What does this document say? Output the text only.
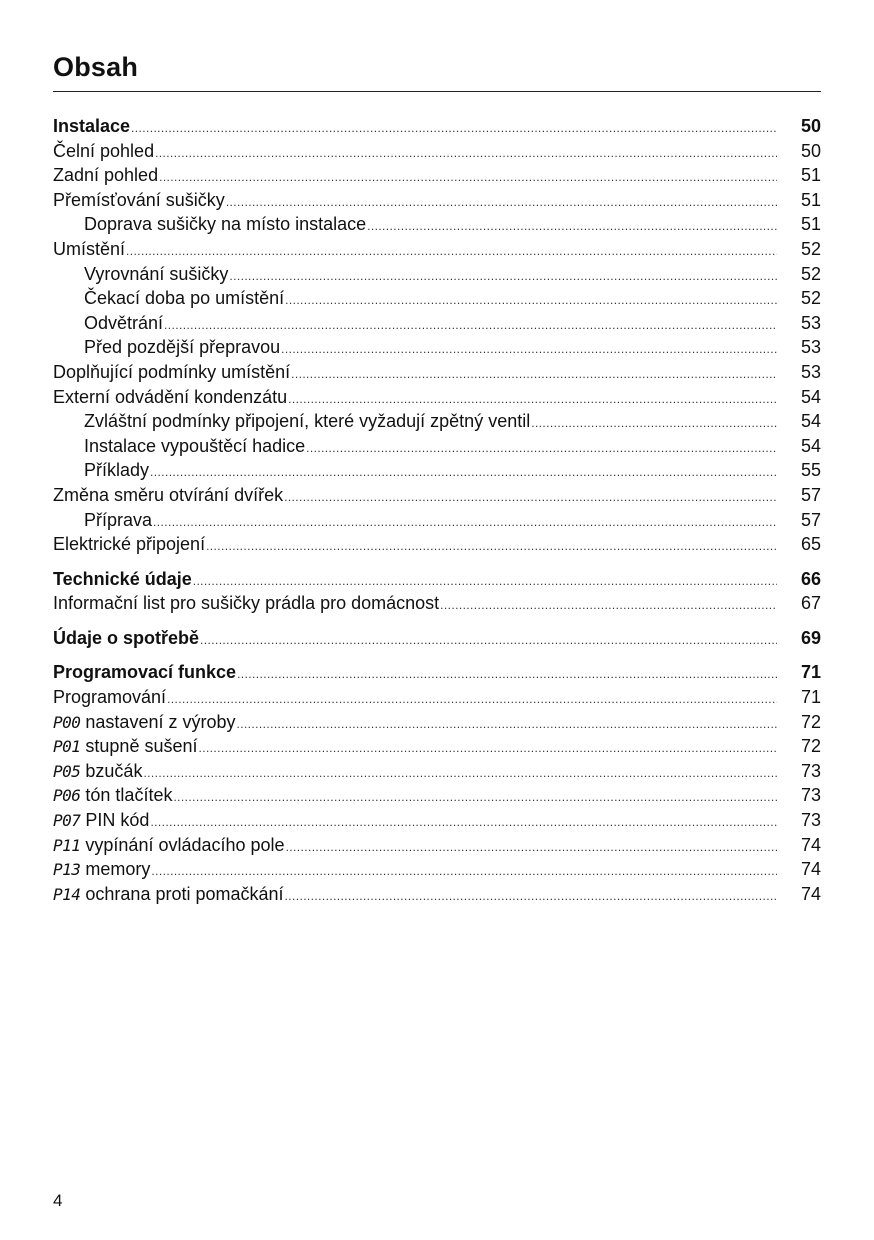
Obsah
Instalace .....	50
Čelní pohled .....	50
Zadní pohled .....	51
Přemísťování sušičky .....	51
Doprava sušičky na místo instalace .....	51
Umístění .....	52
Vyrovnání sušičky .....	52
Čekací doba po umístění .....	52
Odvětrání .....	53
Před pozdější přepravou .....	53
Doplňující podmínky umístění .....	53
Externí odvádění kondenzátu .....	54
Zvláštní podmínky připojení, které vyžadují zpětný ventil .....	54
Instalace vypouštěcí hadice .....	54
Příklady .....	55
Změna směru otvírání dvířek .....	57
Příprava .....	57
Elektrické připojení .....	65
Technické údaje .....	66
Informační list pro sušičky prádla pro domácnost .....	67
Údaje o spotřebě .....	69
Programovací funkce .....	71
Programování .....	71
P00 nastavení z výroby .....	72
P01 stupně sušení .....	72
P05 bzučák .....	73
P06 tón tlačítek .....	73
P07 PIN kód .....	73
P11 vypínání ovládacího pole .....	74
P13 memory .....	74
P14 ochrana proti pomačkání .....	74
4
